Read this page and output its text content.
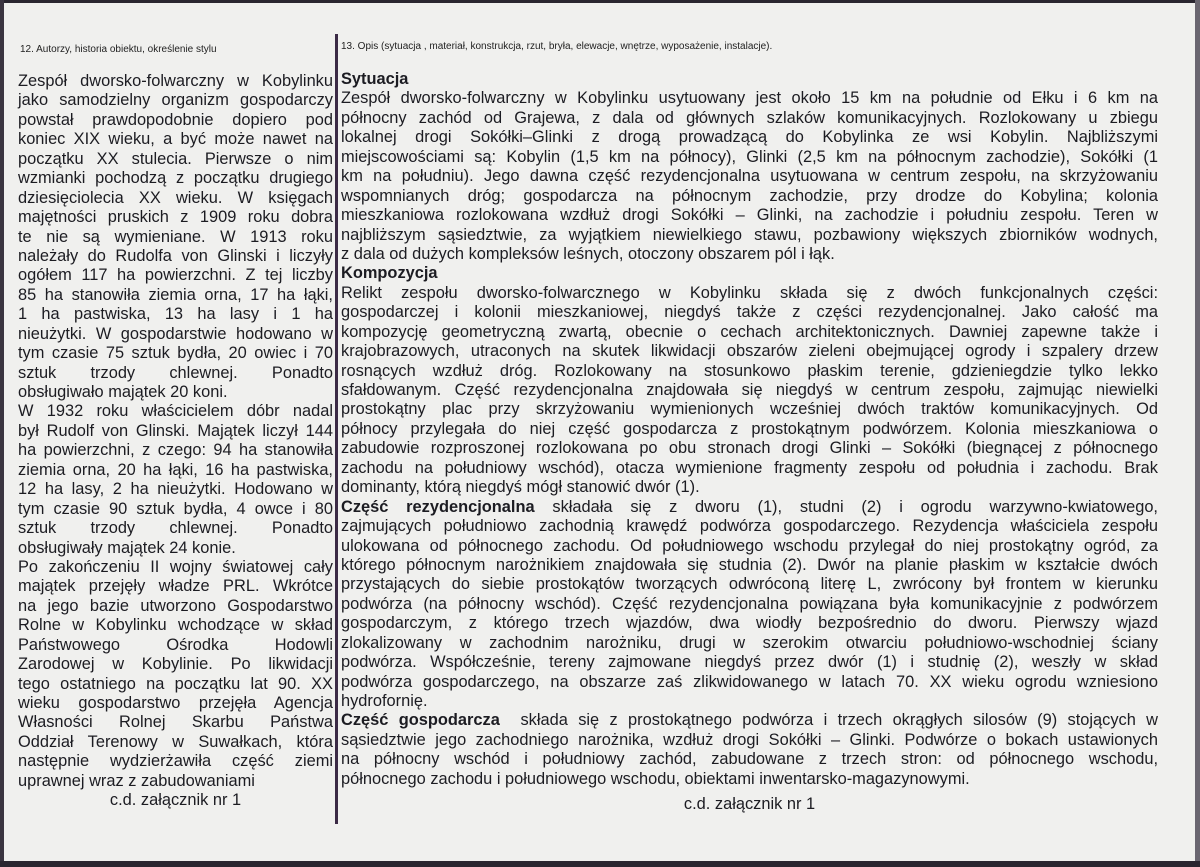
12. Autorzy, historia obiektu, określenie stylu	13. Opis (sytuacja , materiał, konstrukcja, rzut, bryła, elewacje, wnętrze, wyposażenie, instalacje).
Zespół dworsko-folwarczny w Kobylinku
jako samodzielny organizm gospodarczy
powstał prawdopodobnie dopiero pod
koniec XIX wieku, a być może nawet na
początku XX stulecia. Pierwsze o nim
wzmianki pochodzą z początku drugiego
dziesięciolecia XX wieku. W księgach
majętności pruskich z 1909 roku dobra
te nie są wymieniane. W 1913 roku
należały do Rudolfa von Glinski i liczyły
ogółem 117 ha powierzchni. Z tej liczby
85 ha stanowiła ziemia orna, 17 ha łąki,
1 ha pastwiska, 13 ha lasy i 1 ha
nieużytki. W gospodarstwie hodowano w
tym czasie 75 sztuk bydła, 20 owiec i 70
sztuk trzody chlewnej. Ponadto
obsługiwało majątek 20 koni.
W 1932 roku właścicielem dóbr nadal
był Rudolf von Glinski. Majątek liczył 144
ha powierzchni, z czego: 94 ha stanowiła
ziemia orna, 20 ha łąki, 16 ha pastwiska,
12 ha lasy, 2 ha nieużytki. Hodowano w
tym czasie 90 sztuk bydła, 4 owce i 80
sztuk trzody chlewnej. Ponadto
obsługiwały majątek 24 konie.
Po zakończeniu II wojny światowej cały
majątek przejęły władze PRL. Wkrótce
na jego bazie utworzono Gospodarstwo
Rolne w Kobylinku wchodzące w skład
Państwowego Ośrodka Hodowli
Zarodowej w Kobylinie. Po likwidacji
tego ostatniego na początku lat 90. XX
wieku gospodarstwo przejęła Agencja
Własności Rolnej Skarbu Państwa
Oddział Terenowy w Suwałkach, która
następnie wydzierżawiła część ziemi
uprawnej wraz z zabudowaniami
c.d. załącznik nr 1
Sytuacja
Zespół dworsko-folwarczny w Kobylinku usytuowany jest około 15 km na południe od Ełku i 6 km na
północny zachód od Grajewa, z dala od głównych szlaków komunikacyjnych. Rozlokowany u zbiegu
lokalnej drogi Sokółki–Glinki z drogą prowadzącą do Kobylinka ze wsi Kobylin. Najbliższymi
miejscowościami są: Kobylin (1,5 km na północy), Glinki (2,5 km na północnym zachodzie), Sokółki (1
km na południu). Jego dawna część rezydencjonalna usytuowana w centrum zespołu, na skrzyżowaniu
wspomnianych dróg; gospodarcza na północnym zachodzie, przy drodze do Kobylina; kolonia
mieszkaniowa rozlokowana wzdłuż drogi Sokółki – Glinki, na zachodzie i południu zespołu. Teren w
najbliższym sąsiedztwie, za wyjątkiem niewielkiego stawu, pozbawiony większych zbiorników wodnych,
z dala od dużych kompleksów leśnych, otoczony obszarem pól i łąk.
Kompozycja
Relikt zespołu dworsko-folwarcznego w Kobylinku składa się z dwóch funkcjonalnych części:
gospodarczej i kolonii mieszkaniowej, niegdyś także z części rezydencjonalnej. Jako całość ma
kompozycję geometryczną zwartą, obecnie o cechach architektonicznych. Dawniej zapewne także i
krajobrazowych, utraconych na skutek likwidacji obszarów zieleni obejmującej ogrody i szpalery drzew
rosnących wzdłuż dróg. Rozlokowany na stosunkowo płaskim terenie, gdzieniegdzie tylko lekko
sfałdowanym. Część rezydencjonalna znajdowała się niegdyś w centrum zespołu, zajmując niewielki
prostokątny plac przy skrzyżowaniu wymienionych wcześniej dwóch traktów komunikacyjnych. Od
północy przylegała do niej część gospodarcza z prostokątnym podwórzem. Kolonia mieszkaniowa o
zabudowie rozproszonej rozlokowana po obu stronach drogi Glinki – Sokółki (biegnącej z północnego
zachodu na południowy wschód), otacza wymienione fragmenty zespołu od południa i zachodu. Brak
dominanty, którą niegdyś mógł stanowić dwór (1).
Część rezydencjonalna składała się z dworu (1), studni (2) i ogrodu warzywno-kwiatowego,
zajmujących południowo zachodnią krawędź podwórza gospodarczego. Rezydencja właściciela zespołu
ulokowana od północnego zachodu. Od południowego wschodu przylegał do niej prostokątny ogród, za
którego północnym narożnikiem znajdowała się studnia (2). Dwór na planie płaskim w kształcie dwóch
przystających do siebie prostokątów tworzących odwróconą literę L, zwrócony był frontem w kierunku
podwórza (na północny wschód). Część rezydencjonalna powiązana była komunikacyjnie z podwórzem
gospodarczym, z którego trzech wjazdów, dwa wiodły bezpośrednio do dworu. Pierwszy wjazd
zlokalizowany w zachodnim narożniku, drugi w szerokim otwarciu południowo-wschodniej ściany
podwórza. Współcześnie, tereny zajmowane niegdyś przez dwór (1) i studnię (2), weszły w skład
podwórza gospodarczego, na obszarze zaś zlikwidowanego w latach 70. XX wieku ogrodu wzniesiono
hydrofornię.
Część gospodarcza  składa się z prostokątnego podwórza i trzech okrągłych silosów (9) stojących w
sąsiedztwie jego zachodniego narożnika, wzdłuż drogi Sokółki – Glinki. Podwórze o bokach ustawionych
na północny wschód i południowy zachód, zabudowane z trzech stron: od północnego wschodu,
północnego zachodu i południowego wschodu, obiektami inwentarsko-magazynowymi.
c.d. załącznik nr 1
